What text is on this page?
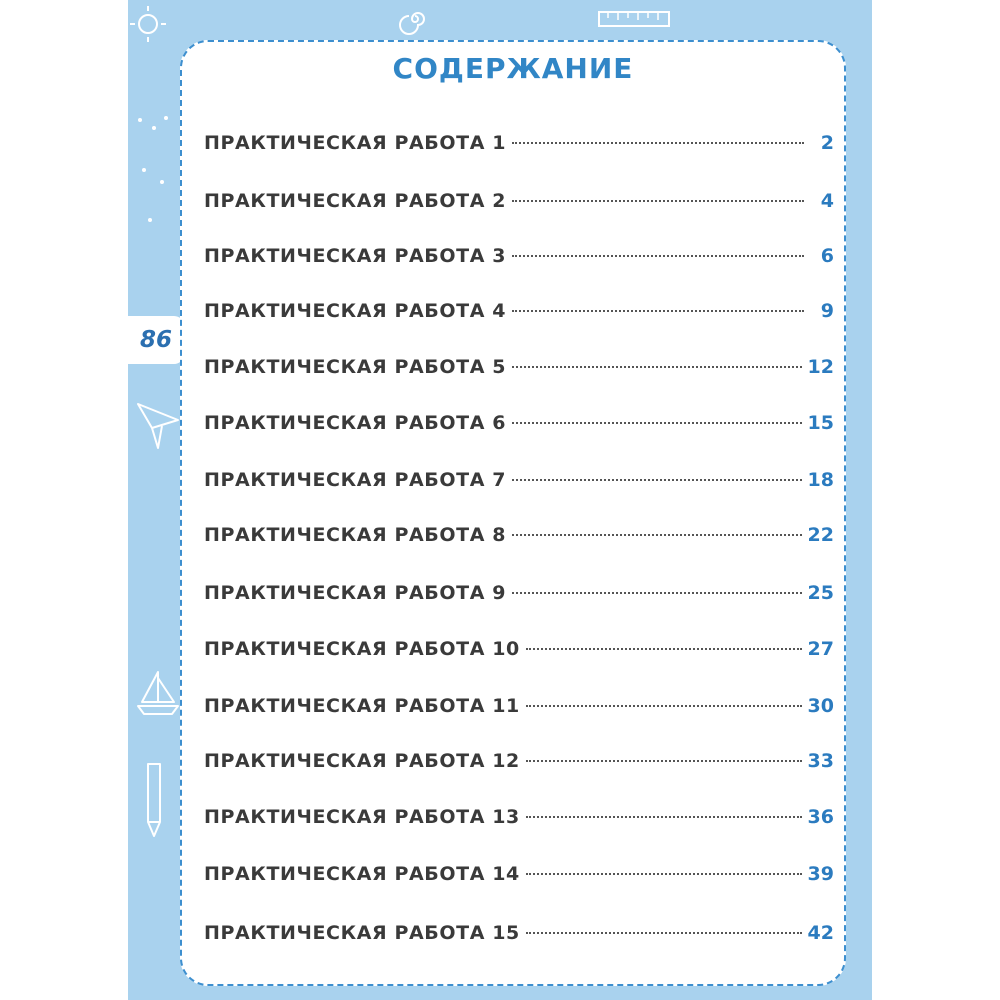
86
СОДЕРЖАНИЕ
ПРАКТИЧЕСКАЯ РАБОТА 1	2
ПРАКТИЧЕСКАЯ РАБОТА 2	4
ПРАКТИЧЕСКАЯ РАБОТА 3	6
ПРАКТИЧЕСКАЯ РАБОТА 4	9
ПРАКТИЧЕСКАЯ РАБОТА 5	12
ПРАКТИЧЕСКАЯ РАБОТА 6	15
ПРАКТИЧЕСКАЯ РАБОТА 7	18
ПРАКТИЧЕСКАЯ РАБОТА 8	22
ПРАКТИЧЕСКАЯ РАБОТА 9	25
ПРАКТИЧЕСКАЯ РАБОТА 10	27
ПРАКТИЧЕСКАЯ РАБОТА 11	30
ПРАКТИЧЕСКАЯ РАБОТА 12	33
ПРАКТИЧЕСКАЯ РАБОТА 13	36
ПРАКТИЧЕСКАЯ РАБОТА 14	39
ПРАКТИЧЕСКАЯ РАБОТА 15	42
